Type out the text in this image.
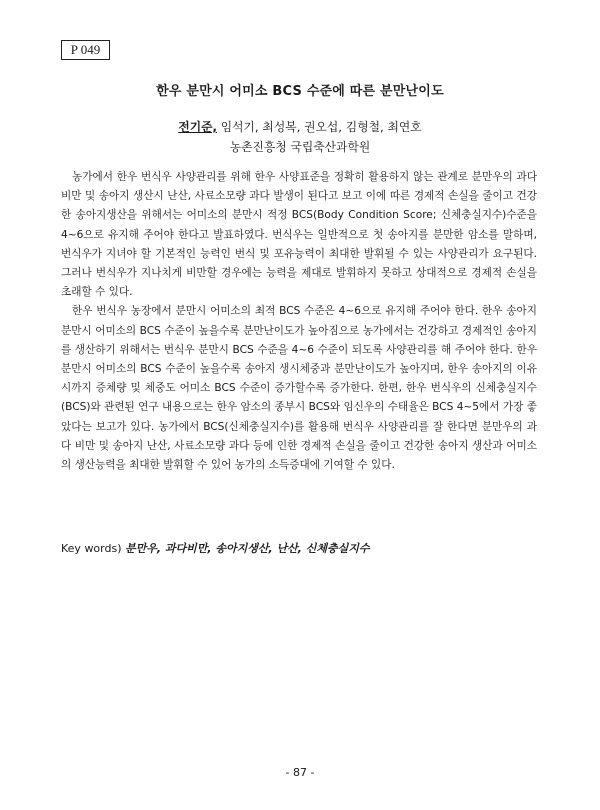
P 049
한우 분만시 어미소 BCS 수준에 따른 분만난이도
전기준, 임석기, 최성복, 권오섭, 김형철, 최연호
농촌진흥청 국립축산과학원

농가에서 한우 번식우 사양관리를 위해 한우 사양표준을 정확히 활용하지 않는 관계로 분만우의 과다 비만 및 송아지 생산시 난산, 사료소모량 과다 발생이 된다고 보고 이에 따른 경제적 손실을 줄이고 건강한 송아지생산을 위해서는 어미소의 분만시 적정 BCS(Body Condition Score; 신체충실지수)수준을 4~6으로 유지해 주어야 한다고 발표하였다. 번식우는 일반적으로 첫 송아지를 분만한 암소를 말하며, 번식우가 지녀야 할 기본적인 능력인 번식 및 포유능력이 최대한 발휘될 수 있는 사양관리가 요구된다. 그러나 번식우가 지나치게 비만할 경우에는 능력을 제대로 발휘하지 못하고 상대적으로 경제적 손실을 초래할 수 있다.

한우 번식우 농장에서 분만시 어미소의 최적 BCS 수준은 4~6으로 유지해 주어야 한다. 한우 송아지 분만시 어미소의 BCS 수준이 높을수록 분만난이도가 높아짐으로 농가에서는 건강하고 경제적인 송아지를 생산하기 위해서는 번식우 분만시 BCS 수준을 4~6 수준이 되도록 사양관리를 해 주어야 한다. 한우 분만시 어미소의 BCS 수준이 높을수록 송아지 생시체중과 분만난이도가 높아지며, 한우 송아지의 이유시까지 증체량 및 체중도 어미소 BCS 수준이 증가할수록 증가한다. 한편, 한우 번식우의 신체충실지수(BCS)와 관련된 연구 내용으로는 한우 암소의 종부시 BCS와 임신우의 수태율은 BCS 4~5에서 가장 좋았다는 보고가 있다. 농가에서 BCS(신체충실지수)를 활용해 번식우 사양관리를 잘 한다면 분만우의 과다 비만 및 송아지 난산, 사료소모량 과다 등에 인한 경제적 손실을 줄이고 건강한 송아지 생산과 어미소의 생산능력을 최대한 발휘할 수 있어 농가의 소득증대에 기여할 수 있다.

Key words) 분만우, 과다비만, 송아지생산, 난산, 신체충실지수
- 87 -
